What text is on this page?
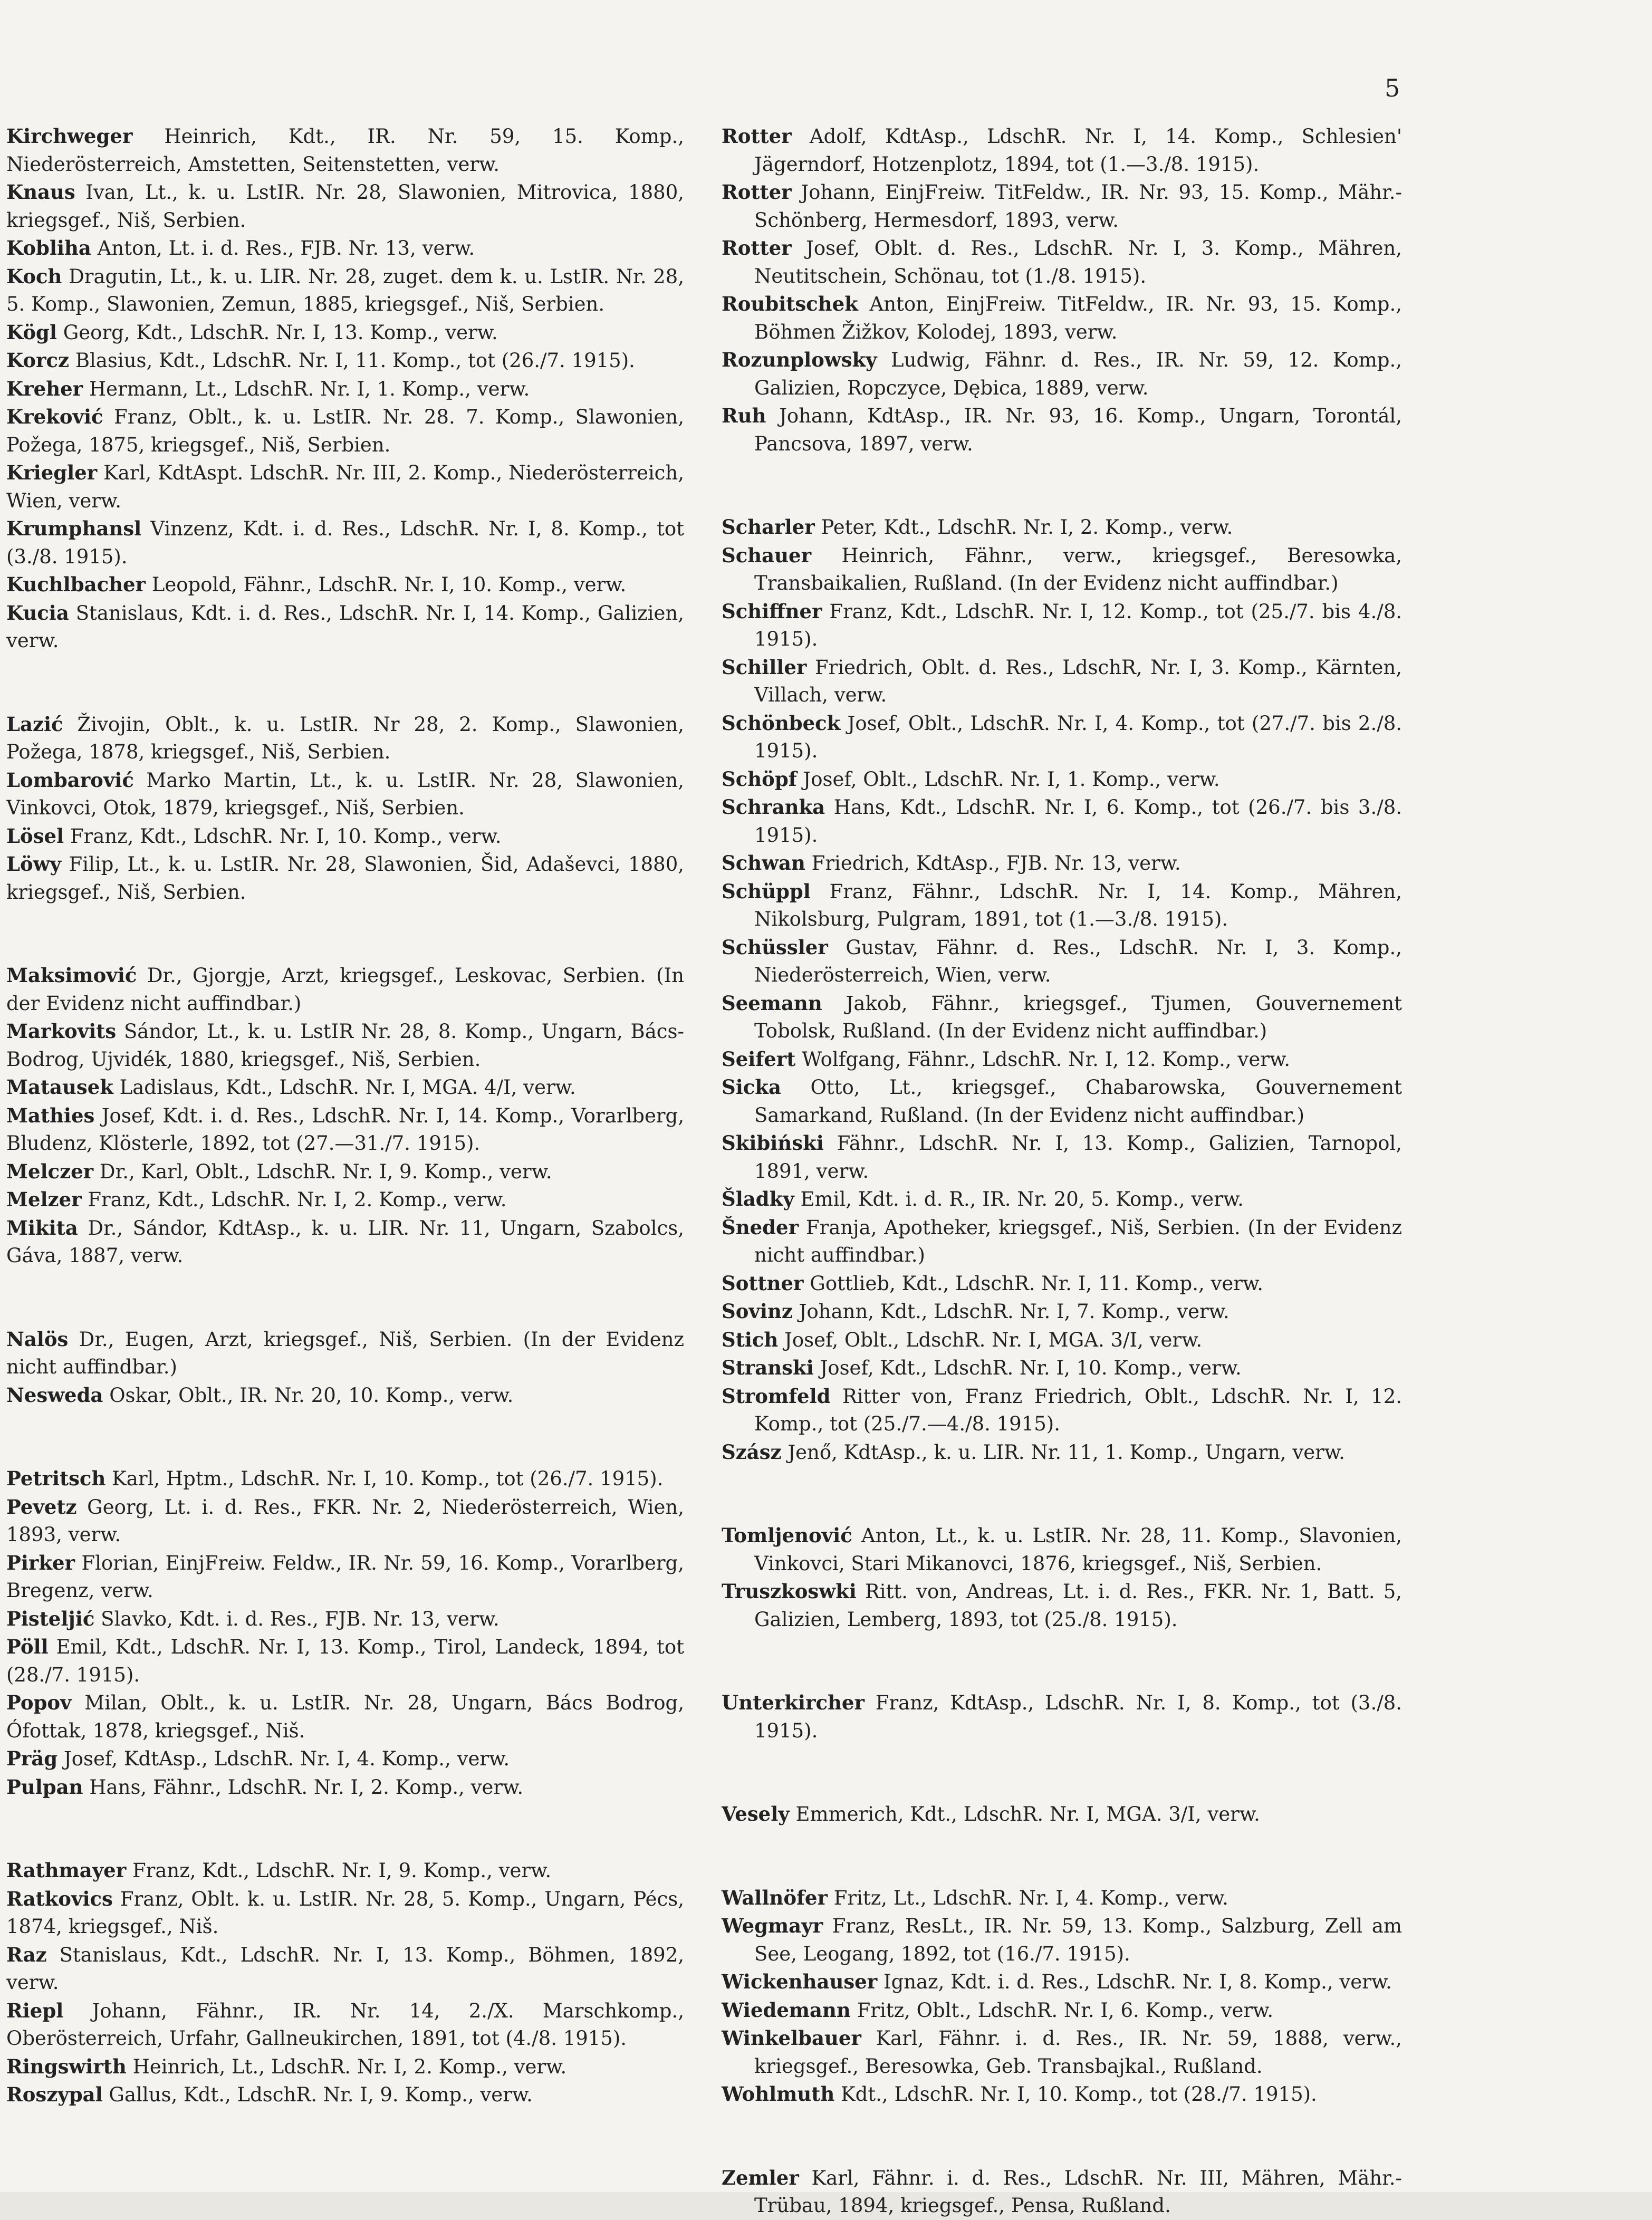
5

Kirchweger Heinrich, Kdt., IR. Nr. 59, 15. Komp., Niederösterreich, Amstetten, Seitenstetten, verw.

Knaus Ivan, Lt., k. u. LstIR. Nr. 28, Slawonien, Mitrovica, 1880, kriegsgef., Niš, Serbien.

Kobliha Anton, Lt. i. d. Res., FJB. Nr. 13, verw.

Koch Dragutin, Lt., k. u. LIR. Nr. 28, zuget. dem k. u. LstIR. Nr. 28, 5. Komp., Slawonien, Zemun, 1885, kriegsgef., Niš, Serbien.

Kögl Georg, Kdt., LdschR. Nr. I, 13. Komp., verw.

Korcz Blasius, Kdt., LdschR. Nr. I, 11. Komp., tot (26./7. 1915).

Kreher Hermann, Lt., LdschR. Nr. I, 1. Komp., verw.

Kreković Franz, Oblt., k. u. LstIR. Nr. 28. 7. Komp., Slawonien, Požega, 1875, kriegsgef., Niš, Serbien.

Kriegler Karl, KdtAspt. LdschR. Nr. III, 2. Komp., Niederösterreich, Wien, verw.

Krumphansl Vinzenz, Kdt. i. d. Res., LdschR. Nr. I, 8. Komp., tot (3./8. 1915).

Kuchlbacher Leopold, Fähnr., LdschR. Nr. I, 10. Komp., verw.

Kucia Stanislaus, Kdt. i. d. Res., LdschR. Nr. I, 14. Komp., Galizien, verw.

Lazić Živojin, Oblt., k. u. LstIR. Nr 28, 2. Komp., Slawonien, Požega, 1878, kriegsgef., Niš, Serbien.

Lombarović Marko Martin, Lt., k. u. LstIR. Nr. 28, Slawonien, Vinkovci, Otok, 1879, kriegsgef., Niš, Serbien.

Lösel Franz, Kdt., LdschR. Nr. I, 10. Komp., verw.

Löwy Filip, Lt., k. u. LstIR. Nr. 28, Slawonien, Šid, Adaševci, 1880, kriegsgef., Niš, Serbien.

Maksimović Dr., Gjorgje, Arzt, kriegsgef., Leskovac, Serbien. (In der Evidenz nicht auffindbar.)

Markovits Sándor, Lt., k. u. LstIR Nr. 28, 8. Komp., Ungarn, Bács-Bodrog, Ujvidék, 1880, kriegsgef., Niš, Serbien.

Matausek Ladislaus, Kdt., LdschR. Nr. I, MGA. 4/I, verw.

Mathies Josef, Kdt. i. d. Res., LdschR. Nr. I, 14. Komp., Vorarlberg, Bludenz, Klösterle, 1892, tot (27.—31./7. 1915).

Melczer Dr., Karl, Oblt., LdschR. Nr. I, 9. Komp., verw.

Melzer Franz, Kdt., LdschR. Nr. I, 2. Komp., verw.

Mikita Dr., Sándor, KdtAsp., k. u. LIR. Nr. 11, Ungarn, Szabolcs, Gáva, 1887, verw.

Nalös Dr., Eugen, Arzt, kriegsgef., Niš, Serbien. (In der Evidenz nicht auffindbar.)

Nesweda Oskar, Oblt., IR. Nr. 20, 10. Komp., verw.

Petritsch Karl, Hptm., LdschR. Nr. I, 10. Komp., tot (26./7. 1915).

Pevetz Georg, Lt. i. d. Res., FKR. Nr. 2, Niederösterreich, Wien, 1893, verw.

Pirker Florian, EinjFreiw. Feldw., IR. Nr. 59, 16. Komp., Vorarlberg, Bregenz, verw.

Pisteljić Slavko, Kdt. i. d. Res., FJB. Nr. 13, verw.

Pöll Emil, Kdt., LdschR. Nr. I, 13. Komp., Tirol, Landeck, 1894, tot (28./7. 1915).

Popov Milan, Oblt., k. u. LstIR. Nr. 28, Ungarn, Bács Bodrog, Ófottak, 1878, kriegsgef., Niš.

Präg Josef, KdtAsp., LdschR. Nr. I, 4. Komp., verw.

Pulpan Hans, Fähnr., LdschR. Nr. I, 2. Komp., verw.

Rathmayer Franz, Kdt., LdschR. Nr. I, 9. Komp., verw.

Ratkovics Franz, Oblt. k. u. LstIR. Nr. 28, 5. Komp., Ungarn, Pécs, 1874, kriegsgef., Niš.

Raz Stanislaus, Kdt., LdschR. Nr. I, 13. Komp., Böhmen, 1892, verw.

Riepl Johann, Fähnr., IR. Nr. 14, 2./X. Marschkomp., Oberösterreich, Urfahr, Gallneukirchen, 1891, tot (4./8. 1915).

Ringswirth Heinrich, Lt., LdschR. Nr. I, 2. Komp., verw.

Roszypal Gallus, Kdt., LdschR. Nr. I, 9. Komp., verw.

Rotter Adolf, KdtAsp., LdschR. Nr. I, 14. Komp., Schlesien' Jägerndorf, Hotzenplotz, 1894, tot (1.—3./8. 1915).

Rotter Johann, EinjFreiw. TitFeldw., IR. Nr. 93, 15. Komp., Mähr.-Schönberg, Hermesdorf, 1893, verw.

Rotter Josef, Oblt. d. Res., LdschR. Nr. I, 3. Komp., Mähren, Neutitschein, Schönau, tot (1./8. 1915).

Roubitschek Anton, EinjFreiw. TitFeldw., IR. Nr. 93, 15. Komp., Böhmen Žižkov, Kolodej, 1893, verw.

Rozunplowsky Ludwig, Fähnr. d. Res., IR. Nr. 59, 12. Komp., Galizien, Ropczyce, Dębica, 1889, verw.

Ruh Johann, KdtAsp., IR. Nr. 93, 16. Komp., Ungarn, Torontál, Pancsova, 1897, verw.

Scharler Peter, Kdt., LdschR. Nr. I, 2. Komp., verw.

Schauer Heinrich, Fähnr., verw., kriegsgef., Beresowka, Transbaikalien, Rußland. (In der Evidenz nicht auffindbar.)

Schiffner Franz, Kdt., LdschR. Nr. I, 12. Komp., tot (25./7. bis 4./8. 1915).

Schiller Friedrich, Oblt. d. Res., LdschR, Nr. I, 3. Komp., Kärnten, Villach, verw.

Schönbeck Josef, Oblt., LdschR. Nr. I, 4. Komp., tot (27./7. bis 2./8. 1915).

Schöpf Josef, Oblt., LdschR. Nr. I, 1. Komp., verw.

Schranka Hans, Kdt., LdschR. Nr. I, 6. Komp., tot (26./7. bis 3./8. 1915).

Schwan Friedrich, KdtAsp., FJB. Nr. 13, verw.

Schüppl Franz, Fähnr., LdschR. Nr. I, 14. Komp., Mähren, Nikolsburg, Pulgram, 1891, tot (1.—3./8. 1915).

Schüssler Gustav, Fähnr. d. Res., LdschR. Nr. I, 3. Komp., Niederösterreich, Wien, verw.

Seemann Jakob, Fähnr., kriegsgef., Tjumen, Gouvernement Tobolsk, Rußland. (In der Evidenz nicht auffindbar.)

Seifert Wolfgang, Fähnr., LdschR. Nr. I, 12. Komp., verw.

Sicka Otto, Lt., kriegsgef., Chabarowska, Gouvernement Samarkand, Rußland. (In der Evidenz nicht auffindbar.)

Skibiński Fähnr., LdschR. Nr. I, 13. Komp., Galizien, Tarnopol, 1891, verw.

Šladky Emil, Kdt. i. d. R., IR. Nr. 20, 5. Komp., verw.

Šneder Franja, Apotheker, kriegsgef., Niš, Serbien. (In der Evidenz nicht auffindbar.)

Sottner Gottlieb, Kdt., LdschR. Nr. I, 11. Komp., verw.

Sovinz Johann, Kdt., LdschR. Nr. I, 7. Komp., verw.

Stich Josef, Oblt., LdschR. Nr. I, MGA. 3/I, verw.

Stranski Josef, Kdt., LdschR. Nr. I, 10. Komp., verw.

Stromfeld Ritter von, Franz Friedrich, Oblt., LdschR. Nr. I, 12. Komp., tot (25./7.—4./8. 1915).

Szász Jenő, KdtAsp., k. u. LIR. Nr. 11, 1. Komp., Ungarn, verw.

Tomljenović Anton, Lt., k. u. LstIR. Nr. 28, 11. Komp., Slavonien, Vinkovci, Stari Mikanovci, 1876, kriegsgef., Niš, Serbien.

Truszkoswki Ritt. von, Andreas, Lt. i. d. Res., FKR. Nr. 1, Batt. 5, Galizien, Lemberg, 1893, tot (25./8. 1915).

Unterkircher Franz, KdtAsp., LdschR. Nr. I, 8. Komp., tot (3./8. 1915).

Vesely Emmerich, Kdt., LdschR. Nr. I, MGA. 3/I, verw.

Wallnöfer Fritz, Lt., LdschR. Nr. I, 4. Komp., verw.

Wegmayr Franz, ResLt., IR. Nr. 59, 13. Komp., Salzburg, Zell am See, Leogang, 1892, tot (16./7. 1915).

Wickenhauser Ignaz, Kdt. i. d. Res., LdschR. Nr. I, 8. Komp., verw.

Wiedemann Fritz, Oblt., LdschR. Nr. I, 6. Komp., verw.

Winkelbauer Karl, Fähnr. i. d. Res., IR. Nr. 59, 1888, verw., kriegsgef., Beresowka, Geb. Transbajkal., Rußland.

Wohlmuth Kdt., LdschR. Nr. I, 10. Komp., tot (28./7. 1915).

Zemler Karl, Fähnr. i. d. Res., LdschR. Nr. III, Mähren, Mähr.-Trübau, 1894, kriegsgef., Pensa, Rußland.
